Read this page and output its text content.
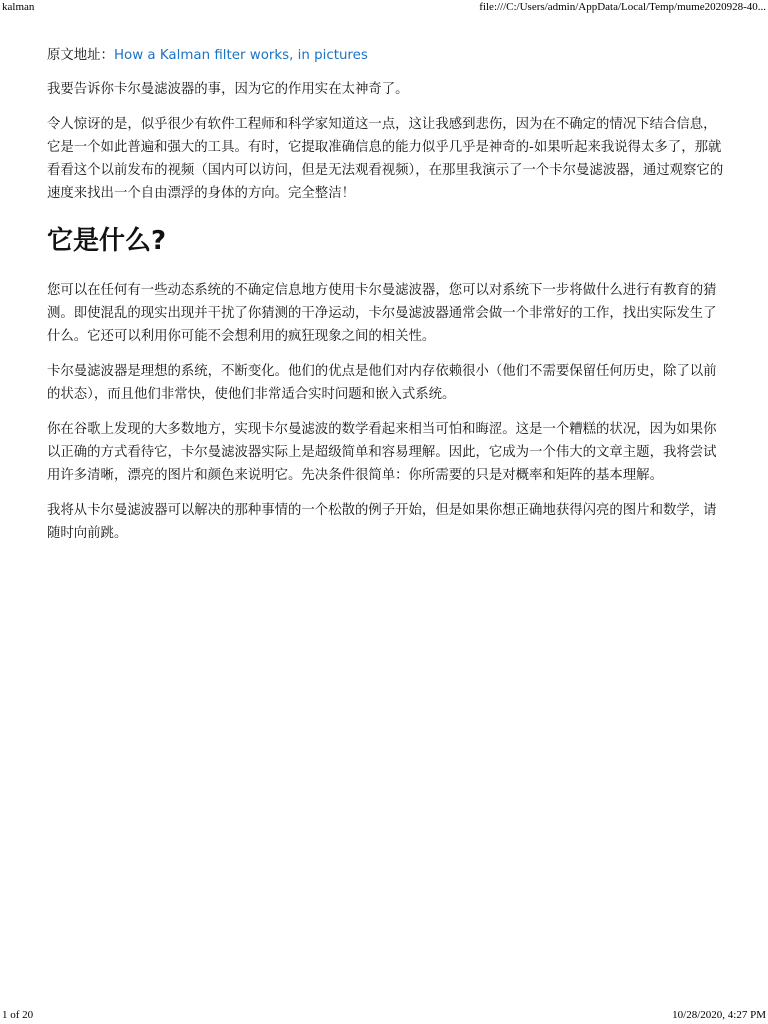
kalman	file:///C:/Users/admin/AppData/Local/Temp/mume2020928-40...

原文地址：How a Kalman filter works, in pictures

我要告诉你卡尔曼滤波器的事，因为它的作用实在太神奇了。

令人惊讶的是，似乎很少有软件工程师和科学家知道这一点，这让我感到悲伤，因为在不确定的情况下结合信息，它是一个如此普遍和强大的工具。有时，它提取准确信息的能力似乎几乎是神奇的-如果听起来我说得太多了，那就看看这个以前发布的视频（国内可以访问，但是无法观看视频），在那里我演示了一个卡尔曼滤波器，通过观察它的速度来找出一个自由漂浮的身体的方向。完全整洁！

它是什么?

您可以在任何有一些动态系统的不确定信息地方使用卡尔曼滤波器，您可以对系统下一步将做什么进行有教育的猜测。即使混乱的现实出现并干扰了你猜测的干净运动，卡尔曼滤波器通常会做一个非常好的工作，找出实际发生了什么。它还可以利用你可能不会想利用的疯狂现象之间的相关性。

卡尔曼滤波器是理想的系统，不断变化。他们的优点是他们对内存依赖很小（他们不需要保留任何历史，除了以前的状态），而且他们非常快，使他们非常适合实时问题和嵌入式系统。

你在谷歌上发现的大多数地方，实现卡尔曼滤波的数学看起来相当可怕和晦涩。这是一个糟糕的状况，因为如果你以正确的方式看待它，卡尔曼滤波器实际上是超级简单和容易理解。因此，它成为一个伟大的文章主题，我将尝试用许多清晰，漂亮的图片和颜色来说明它。先决条件很简单：你所需要的只是对概率和矩阵的基本理解。

我将从卡尔曼滤波器可以解决的那种事情的一个松散的例子开始，但是如果你想正确地获得闪亮的图片和数学，请随时向前跳。

1 of 20	10/28/2020, 4:27 PM
